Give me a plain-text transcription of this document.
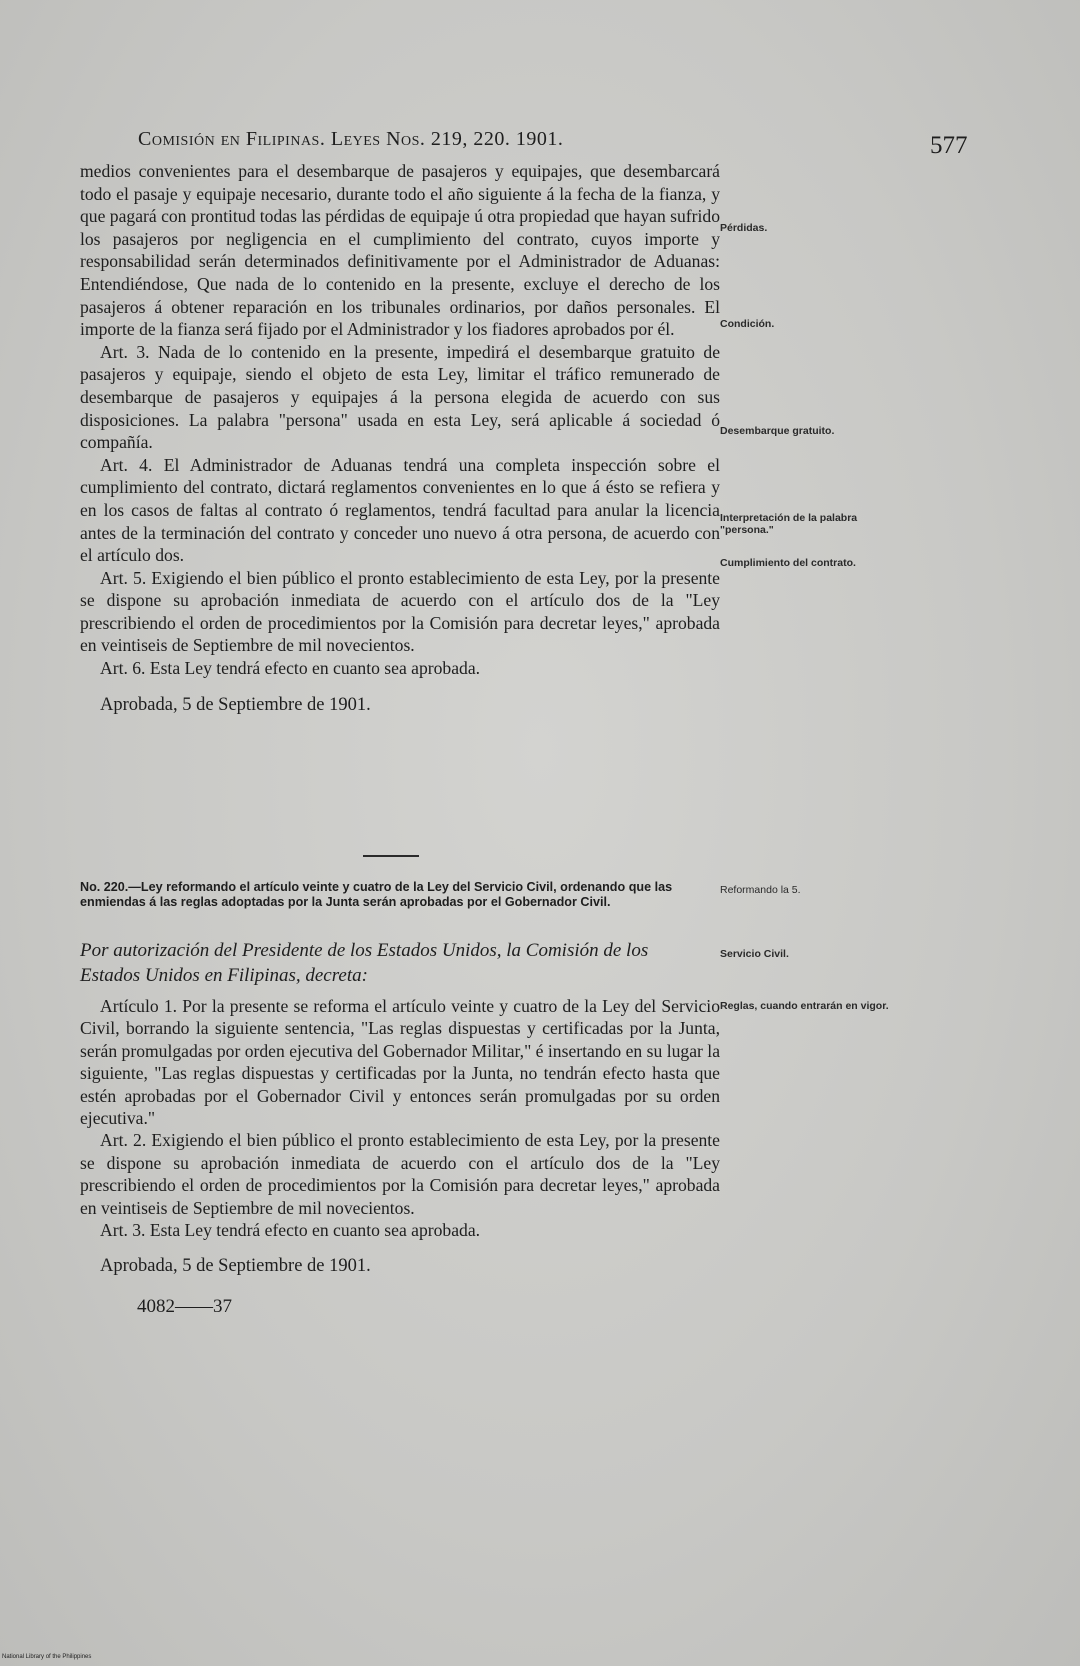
Comisión en Filipinas. Leyes Nos. 219, 220. 1901.	577

medios convenientes para el desembarque de pasajeros y equipajes, que desembarcará todo el pasaje y equipaje necesario, durante todo el año siguiente á la fecha de la fianza, y que pagará con prontitud todas las pérdidas de equipaje ú otra propiedad que hayan sufrido los pasajeros por negligencia en el cumplimiento del contrato, cuyos importe y responsabilidad serán determinados definitivamente por el Administrador de Aduanas: Entendiéndose, Que nada de lo contenido en la presente, excluye el derecho de los pasajeros á obtener reparación en los tribunales ordinarios, por daños personales. El importe de la fianza será fijado por el Administrador y los fiadores aprobados por él.

Art. 3. Nada de lo contenido en la presente, impedirá el desembarque gratuito de pasajeros y equipaje, siendo el objeto de esta Ley, limitar el tráfico remunerado de desembarque de pasajeros y equipajes á la persona elegida de acuerdo con sus disposiciones. La palabra "persona" usada en esta Ley, será aplicable á sociedad ó compañía.

Art. 4. El Administrador de Aduanas tendrá una completa inspección sobre el cumplimiento del contrato, dictará reglamentos convenientes en lo que á ésto se refiera y en los casos de faltas al contrato ó reglamentos, tendrá facultad para anular la licencia antes de la terminación del contrato y conceder uno nuevo á otra persona, de acuerdo con el artículo dos.

Art. 5. Exigiendo el bien público el pronto establecimiento de esta Ley, por la presente se dispone su aprobación inmediata de acuerdo con el artículo dos de la "Ley prescribiendo el orden de procedimientos por la Comisión para decretar leyes," aprobada en veintiseis de Septiembre de mil novecientos.

Art. 6. Esta Ley tendrá efecto en cuanto sea aprobada.

Aprobada, 5 de Septiembre de 1901.

Pérdidas.
Condición.
Desembarque gratuito.
Interpretación de la palabra "persona."
Cumplimiento del contrato.
No. 220.—Ley reformando el artículo veinte y cuatro de la Ley del Servicio Civil, ordenando que las enmiendas á las reglas adoptadas por la Junta serán aprobadas por el Gobernador Civil.
Reformando la 5.
Servicio Civil.
Reglas, cuando entrarán en vigor.
Por autorización del Presidente de los Estados Unidos, la Comisión de los Estados Unidos en Filipinas, decreta:

Artículo 1. Por la presente se reforma el artículo veinte y cuatro de la Ley del Servicio Civil, borrando la siguiente sentencia, "Las reglas dispuestas y certificadas por la Junta, serán promulgadas por orden ejecutiva del Gobernador Militar," é insertando en su lugar la siguiente, "Las reglas dispuestas y certificadas por la Junta, no tendrán efecto hasta que estén aprobadas por el Gobernador Civil y entonces serán promulgadas por su orden ejecutiva."

Art. 2. Exigiendo el bien público el pronto establecimiento de esta Ley, por la presente se dispone su aprobación inmediata de acuerdo con el artículo dos de la "Ley prescribiendo el orden de procedimientos por la Comisión para decretar leyes," aprobada en veintiseis de Septiembre de mil novecientos.

Art. 3. Esta Ley tendrá efecto en cuanto sea aprobada.

Aprobada, 5 de Septiembre de 1901.

4082——37
National Library of the Philippines
